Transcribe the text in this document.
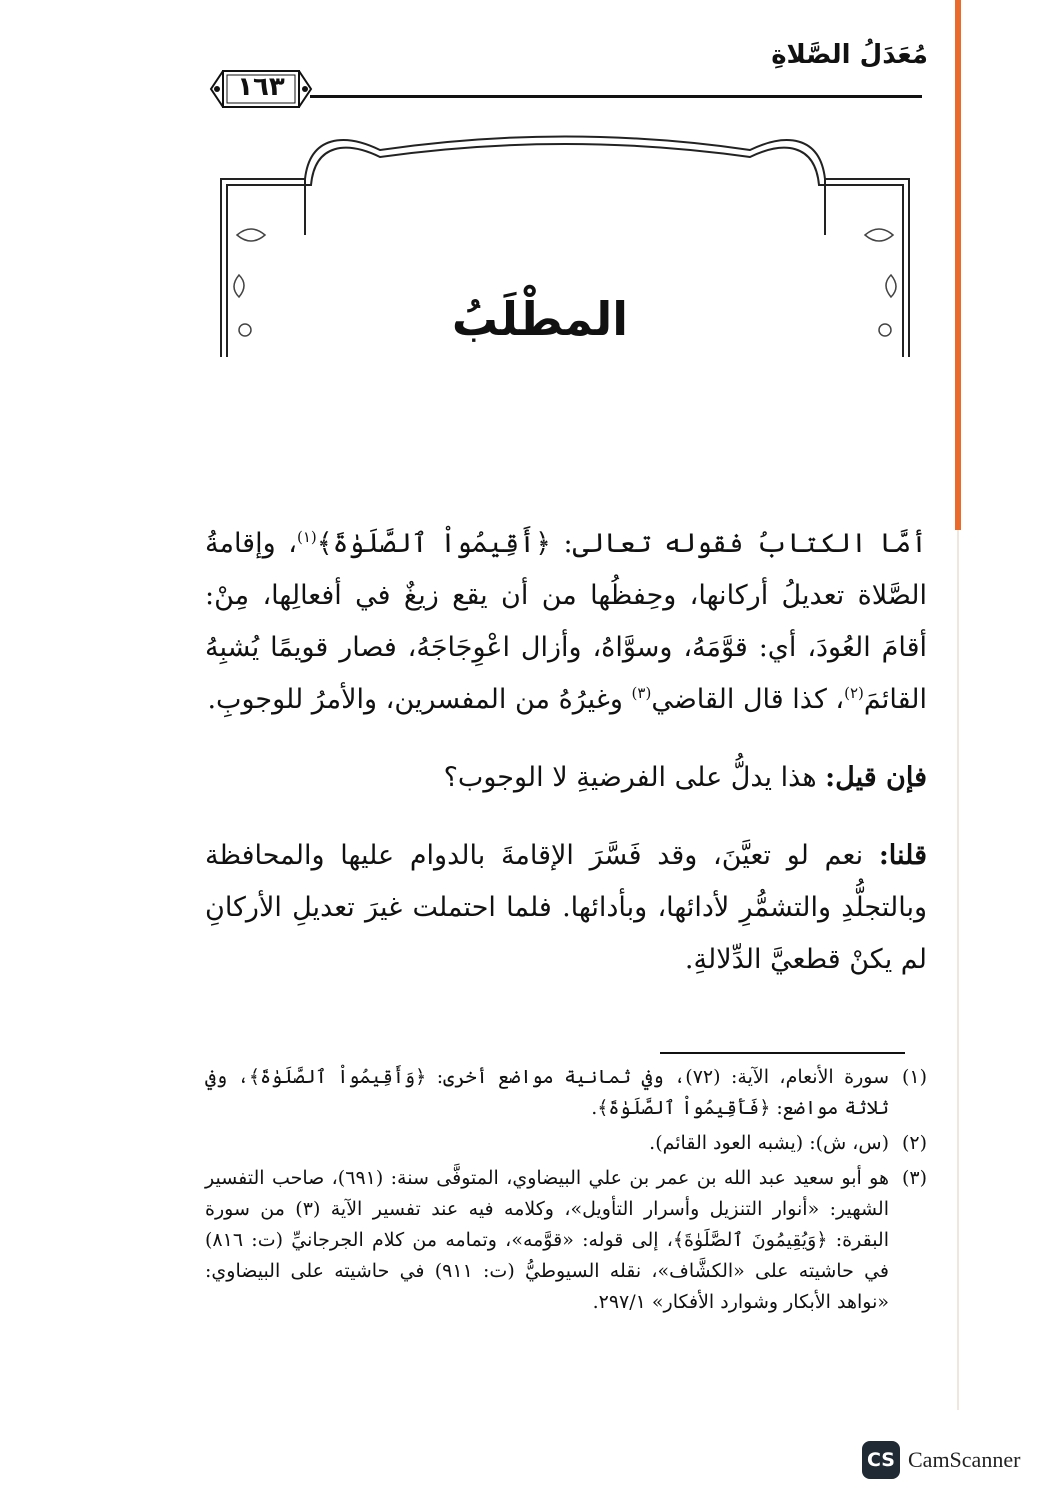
مُعَدَلُ الصَّلاةِ
١٦٣
المطْلَبُ

أمَّا الكتابُ فقوله تعالى: ﴿أَقِيمُواْ ٱلصَّلَوٰةَ﴾$^{(١)}$، وإقامةُ الصَّلاة تعديلُ أركانها، وحِفظُها من أن يقع زيغٌ في أفعالِها، مِنْ: أقامَ العُودَ، أي: قوَّمَهُ، وسوَّاهُ، وأزال اعْوِجَاجَهُ، فصار قويمًا يُشبِهُ القائمَ$^{(٢)}$، كذا قال القاضي$^{(٣)}$ وغيرُهُ من المفسرين، والأمرُ للوجوبِ.

فإن قيل: هذا يدلُّ على الفرضيةِ لا الوجوب؟

قلنا: نعم لو تعيَّنَ، وقد فَسَّرَ الإقامةَ بالدوام عليها والمحافظة وبالتجلُّدِ والتشمُّرِ لأدائها، وبأدائها. فلما احتملت غيرَ تعديلِ الأركانِ لم يكنْ قطعيَّ الدِّلالةِ.

(١)
سورة الأنعام، الآية: (٧٢)، وفي ثمانية مواضع أخرى: ﴿وَأَقِيمُواْ ٱلصَّلَوٰةَ﴾، وفي ثلاثة مواضع: ﴿فَأَقِيمُواْ ٱلصَّلَوٰةَ﴾.
(٢)
(س، ش): (يشبه العود القائم).
(٣)
هو أبو سعيد عبد الله بن عمر بن علي البيضاوي، المتوفَّى سنة: (٦٩١)، صاحب التفسير الشهير: «أنوار التنزيل وأسرار التأويل»، وكلامه فيه عند تفسير الآية (٣) من سورة البقرة: ﴿وَيُقِيمُونَ ٱلصَّلَوٰةَ﴾، إلى قوله: «قوَّمه»، وتمامه من كلام الجرجانيِّ (ت: ٨١٦) في حاشيته على «الكشَّاف»، نقله السيوطيُّ (ت: ٩١١) في حاشيته على البيضاوي: «نواهد الأبكار وشوارد الأفكار» ٢٩٧/١.
CS CamScanner
